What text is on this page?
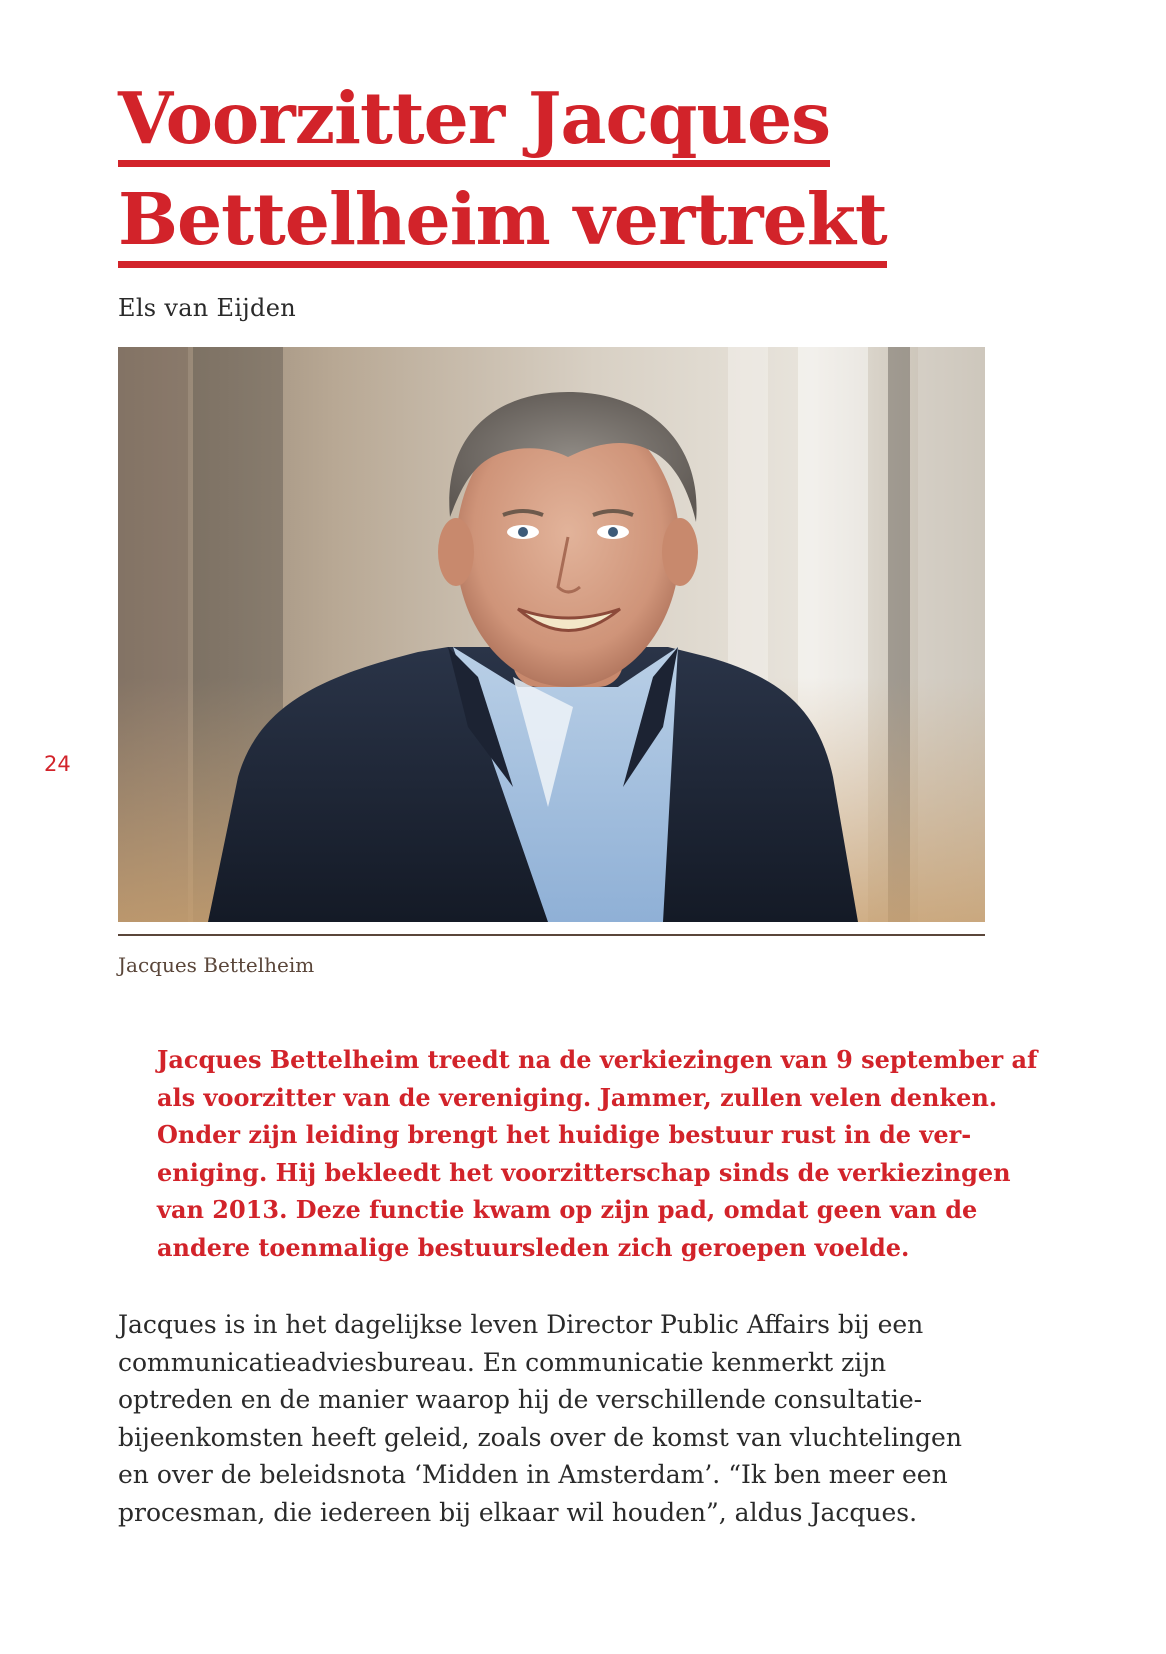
Voorzitter Jacques
Bettelheim vertrekt
Els van Eijden
Jacques Bettelheim
24
Jacques Bettelheim treedt na de verkiezingen van 9 september af
als voorzitter van de vereniging. Jammer, zullen velen denken.
Onder zijn leiding brengt het huidige bestuur rust in de ver-
eniging. Hij bekleedt het voorzitterschap sinds de verkiezingen
van 2013. Deze functie kwam op zijn pad, omdat geen van de
andere toenmalige bestuursleden zich geroepen voelde.
Jacques is in het dagelijkse leven Director Public Affairs bij een
communicatieadviesbureau. En communicatie kenmerkt zijn
optreden en de manier waarop hij de verschillende consultatie-
bijeenkomsten heeft geleid, zoals over de komst van vluchtelingen
en over de beleidsnota ‘Midden in Amsterdam’. “Ik ben meer een
procesman, die iedereen bij elkaar wil houden”, aldus Jacques.
